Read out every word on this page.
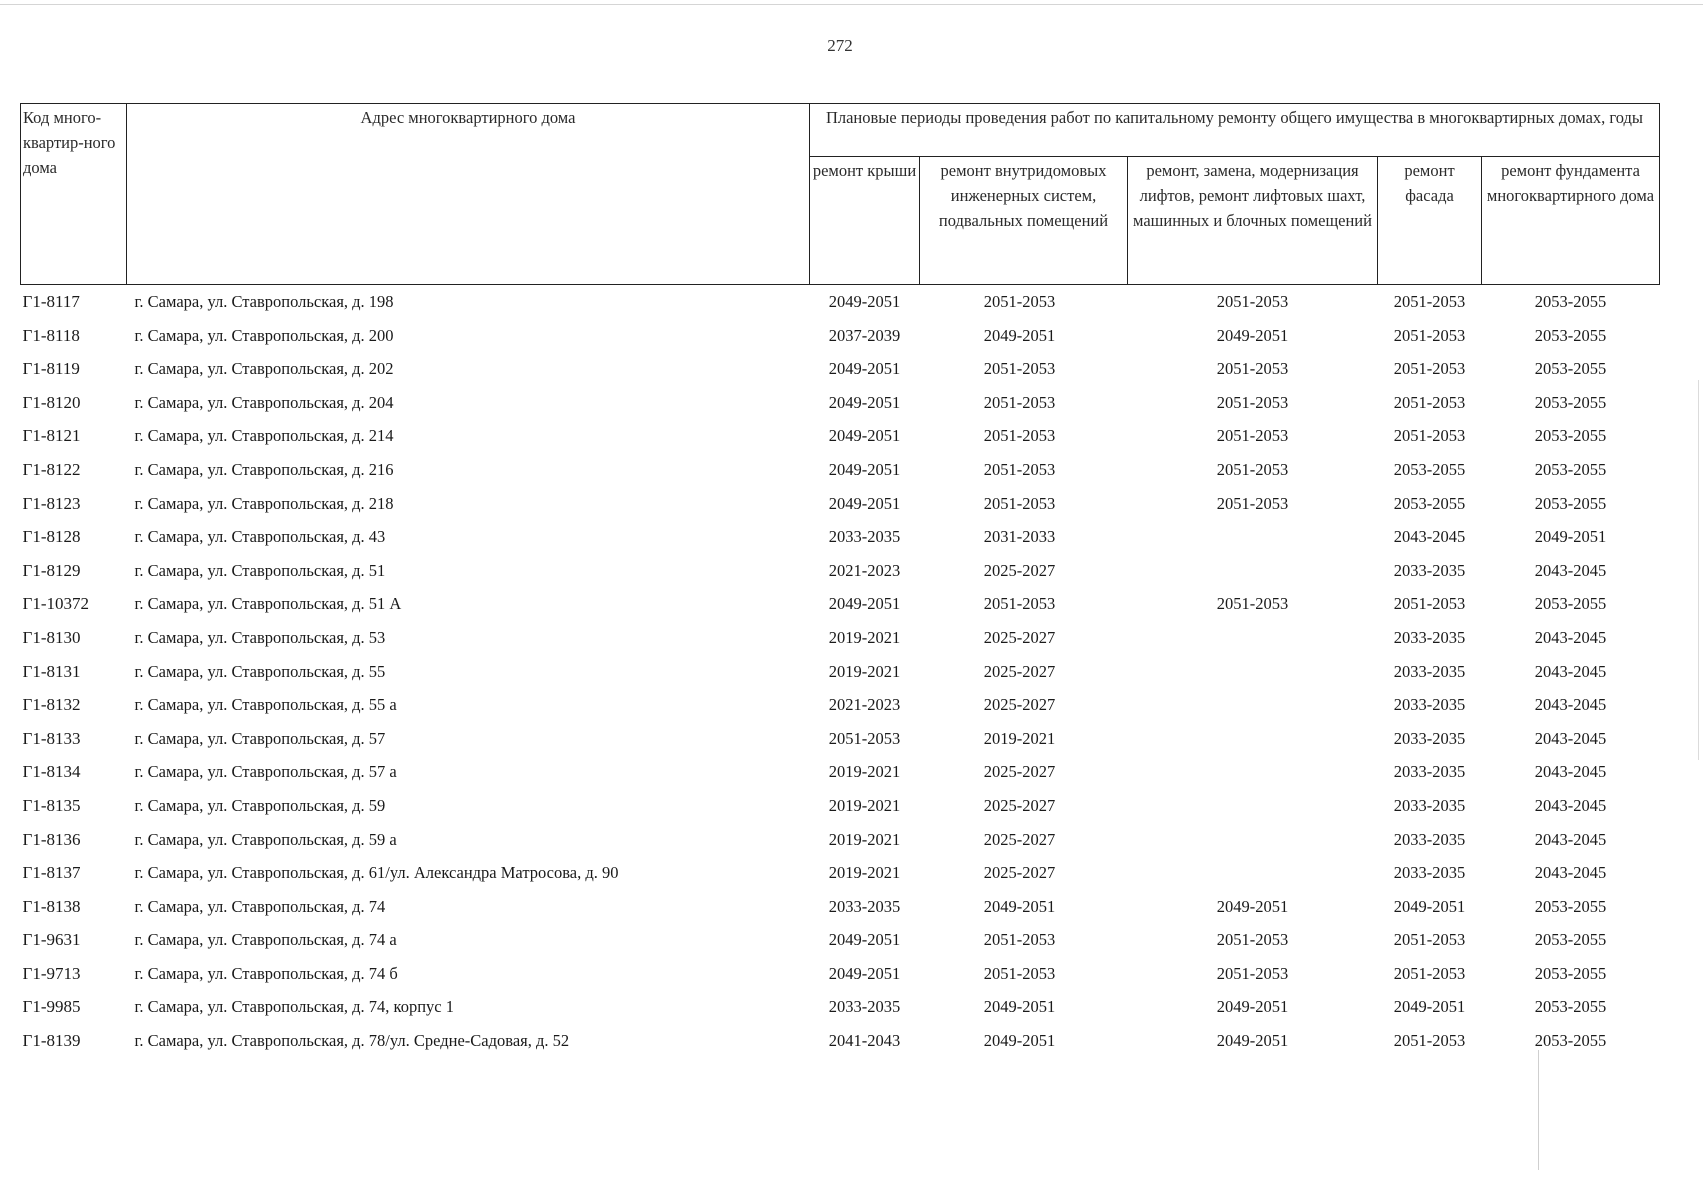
272
Код много-квартир-ного дома	Адрес многоквартирного дома	Плановые периоды проведения работ по капитальному ремонту общего имущества в многоквартирных домах, годы				
		ремонт крыши	ремонт внутридомовых инженерных систем, подвальных помещений	ремонт, замена, модернизация лифтов, ремонт лифтовых шахт, машинных и блочных помещений	ремонт фасада	ремонт фундамента многоквартирного дома
Г1-8117	г. Самара, ул. Ставропольская, д. 198	2049-2051	2051-2053	2051-2053	2051-2053	2053-2055
Г1-8118	г. Самара, ул. Ставропольская, д. 200	2037-2039	2049-2051	2049-2051	2051-2053	2053-2055
Г1-8119	г. Самара, ул. Ставропольская, д. 202	2049-2051	2051-2053	2051-2053	2051-2053	2053-2055
Г1-8120	г. Самара, ул. Ставропольская, д. 204	2049-2051	2051-2053	2051-2053	2051-2053	2053-2055
Г1-8121	г. Самара, ул. Ставропольская, д. 214	2049-2051	2051-2053	2051-2053	2051-2053	2053-2055
Г1-8122	г. Самара, ул. Ставропольская, д. 216	2049-2051	2051-2053	2051-2053	2053-2055	2053-2055
Г1-8123	г. Самара, ул. Ставропольская, д. 218	2049-2051	2051-2053	2051-2053	2053-2055	2053-2055
Г1-8128	г. Самара, ул. Ставропольская, д. 43	2033-2035	2031-2033		2043-2045	2049-2051
Г1-8129	г. Самара, ул. Ставропольская, д. 51	2021-2023	2025-2027		2033-2035	2043-2045
Г1-10372	г. Самара, ул. Ставропольская, д. 51 А	2049-2051	2051-2053	2051-2053	2051-2053	2053-2055
Г1-8130	г. Самара, ул. Ставропольская, д. 53	2019-2021	2025-2027		2033-2035	2043-2045
Г1-8131	г. Самара, ул. Ставропольская, д. 55	2019-2021	2025-2027		2033-2035	2043-2045
Г1-8132	г. Самара, ул. Ставропольская, д. 55 а	2021-2023	2025-2027		2033-2035	2043-2045
Г1-8133	г. Самара, ул. Ставропольская, д. 57	2051-2053	2019-2021		2033-2035	2043-2045
Г1-8134	г. Самара, ул. Ставропольская, д. 57 а	2019-2021	2025-2027		2033-2035	2043-2045
Г1-8135	г. Самара, ул. Ставропольская, д. 59	2019-2021	2025-2027		2033-2035	2043-2045
Г1-8136	г. Самара, ул. Ставропольская, д. 59 а	2019-2021	2025-2027		2033-2035	2043-2045
Г1-8137	г. Самара, ул. Ставропольская, д. 61/ул. Александра Матросова, д. 90	2019-2021	2025-2027		2033-2035	2043-2045
Г1-8138	г. Самара, ул. Ставропольская, д. 74	2033-2035	2049-2051	2049-2051	2049-2051	2053-2055
Г1-9631	г. Самара, ул. Ставропольская, д. 74 а	2049-2051	2051-2053	2051-2053	2051-2053	2053-2055
Г1-9713	г. Самара, ул. Ставропольская, д. 74 б	2049-2051	2051-2053	2051-2053	2051-2053	2053-2055
Г1-9985	г. Самара, ул. Ставропольская, д. 74, корпус 1	2033-2035	2049-2051	2049-2051	2049-2051	2053-2055
Г1-8139	г. Самара, ул. Ставропольская, д. 78/ул. Средне-Садовая, д. 52	2041-2043	2049-2051	2049-2051	2051-2053	2053-2055
